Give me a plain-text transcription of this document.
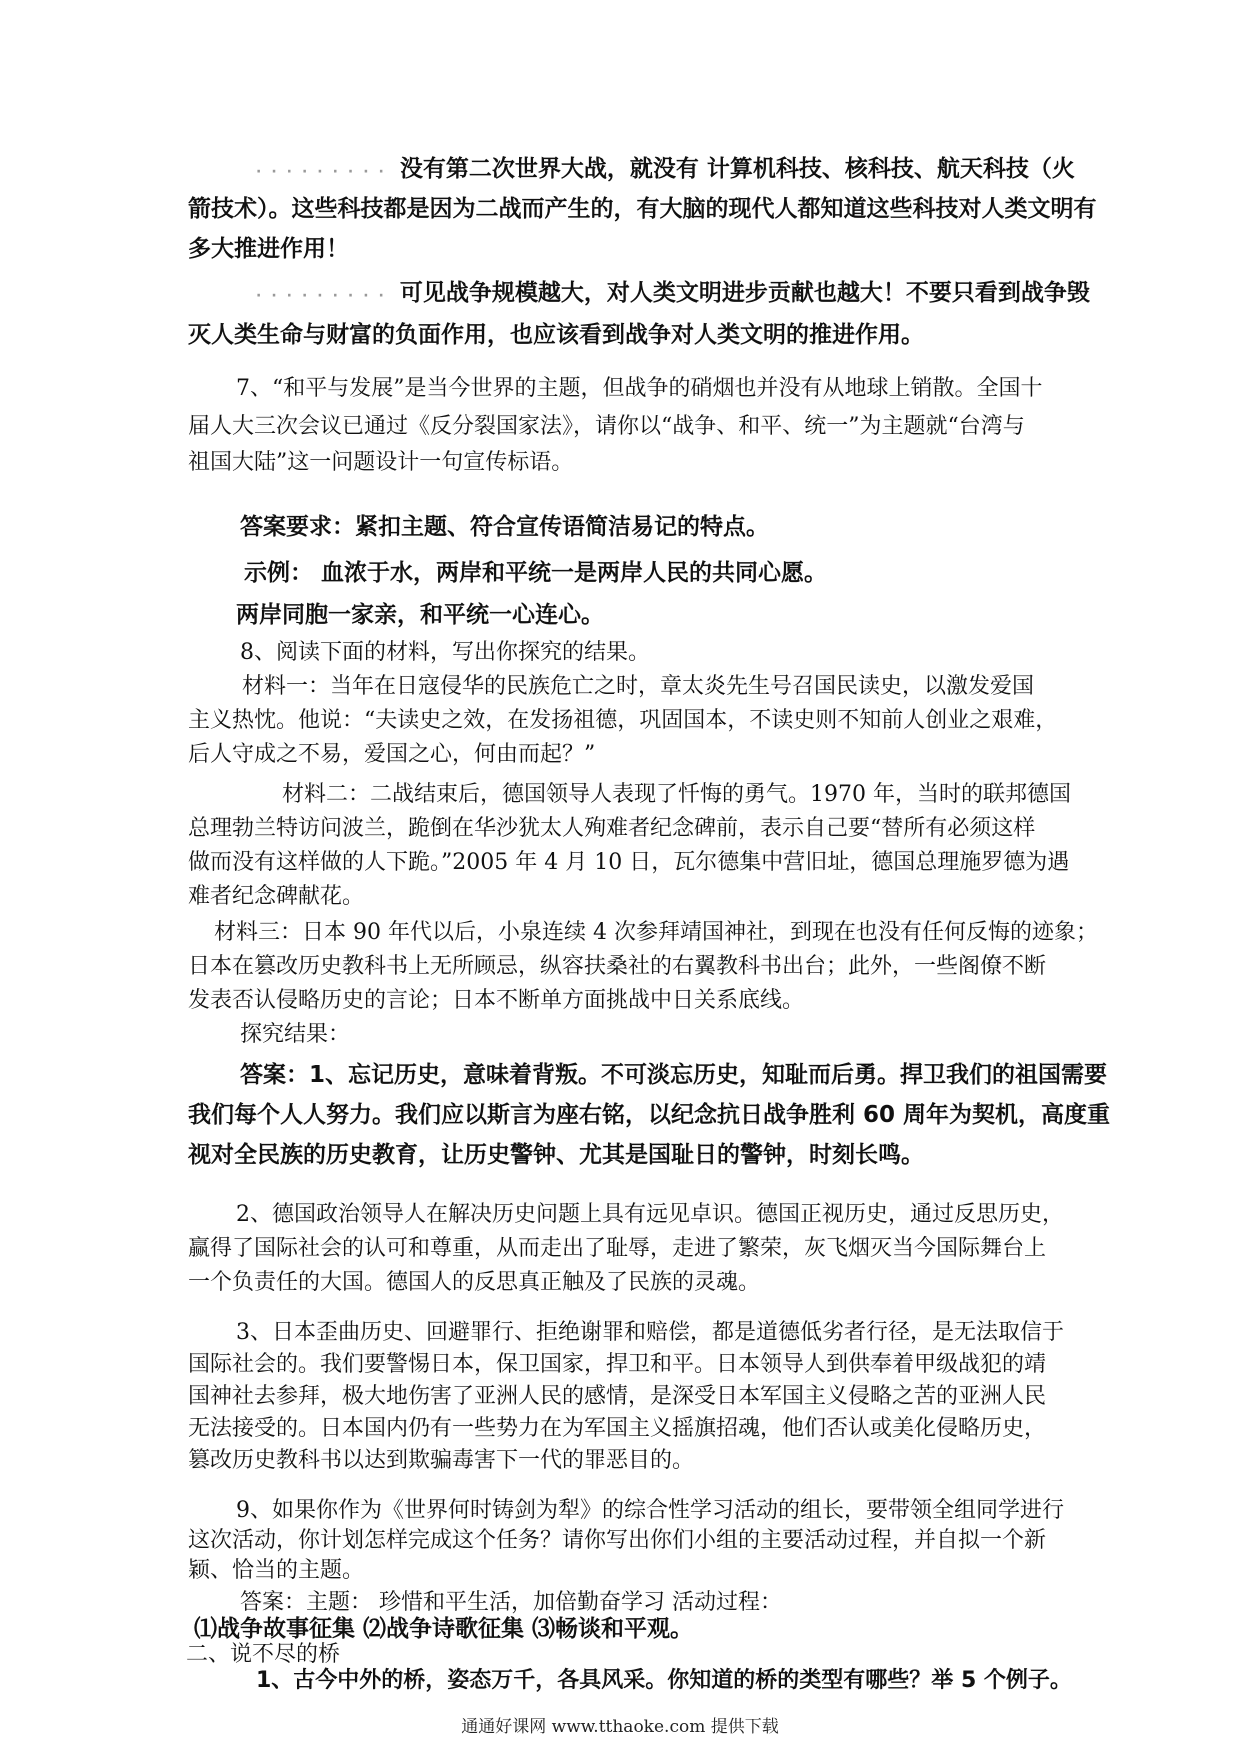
········· 没有第二次世界大战，就没有 计算机科技、核科技、航天科技（火
箭技术）。这些科技都是因为二战而产生的，有大脑的现代人都知道这些科技对人类文明有
多大推进作用！
········· 可见战争规模越大，对人类文明进步贡献也越大！不要只看到战争毁
灭人类生命与财富的负面作用，也应该看到战争对人类文明的推进作用。
7、“和平与发展”是当今世界的主题，但战争的硝烟也并没有从地球上销散。全国十
届人大三次会议已通过《反分裂国家法》，请你以“战争、和平、统一”为主题就“台湾与
祖国大陆”这一问题设计一句宣传标语。
答案要求：紧扣主题、符合宣传语简洁易记的特点。
示例： 血浓于水，两岸和平统一是两岸人民的共同心愿。
两岸同胞一家亲，和平统一心连心。
8、阅读下面的材料，写出你探究的结果。
材料一：当年在日寇侵华的民族危亡之时，章太炎先生号召国民读史，以激发爱国
主义热忱。他说：“夫读史之效，在发扬祖德，巩固国本，不读史则不知前人创业之艰难，
后人守成之不易，爱国之心，何由而起？”
材料二：二战结束后，德国领导人表现了忏悔的勇气。1970 年，当时的联邦德国
总理勃兰特访问波兰，跪倒在华沙犹太人殉难者纪念碑前，表示自己要“替所有必须这样
做而没有这样做的人下跪。”2005 年 4 月 10 日，瓦尔德集中营旧址，德国总理施罗德为遇
难者纪念碑献花。
材料三：日本 90 年代以后，小泉连续 4 次参拜靖国神社，到现在也没有任何反悔的迹象；
日本在篡改历史教科书上无所顾忌，纵容扶桑社的右翼教科书出台；此外，一些阁僚不断
发表否认侵略历史的言论；日本不断单方面挑战中日关系底线。
探究结果：
答案：1、忘记历史，意味着背叛。不可淡忘历史，知耻而后勇。捍卫我们的祖国需要
我们每个人人努力。我们应以斯言为座右铭，以纪念抗日战争胜利 60 周年为契机，高度重
视对全民族的历史教育，让历史警钟、尤其是国耻日的警钟，时刻长鸣。
2、德国政治领导人在解决历史问题上具有远见卓识。德国正视历史，通过反思历史，
赢得了国际社会的认可和尊重，从而走出了耻辱，走进了繁荣，灰飞烟灭当今国际舞台上
一个负责任的大国。德国人的反思真正触及了民族的灵魂。
3、日本歪曲历史、回避罪行、拒绝谢罪和赔偿，都是道德低劣者行径，是无法取信于
国际社会的。我们要警惕日本，保卫国家，捍卫和平。日本领导人到供奉着甲级战犯的靖
国神社去参拜，极大地伤害了亚洲人民的感情，是深受日本军国主义侵略之苦的亚洲人民
无法接受的。日本国内仍有一些势力在为军国主义摇旗招魂，他们否认或美化侵略历史，
篡改历史教科书以达到欺骗毒害下一代的罪恶目的。
9、如果你作为《世界何时铸剑为犁》的综合性学习活动的组长，要带领全组同学进行
这次活动，你计划怎样完成这个任务？请你写出你们小组的主要活动过程，并自拟一个新
颖、恰当的主题。
答案：主题： 珍惜和平生活，加倍勤奋学习 活动过程：
⑴战争故事征集 ⑵战争诗歌征集 ⑶畅谈和平观。
二、说不尽的桥
1、古今中外的桥，姿态万千，各具风采。你知道的桥的类型有哪些？举 5 个例子。
通通好课网 www.tthaoke.com 提供下载
